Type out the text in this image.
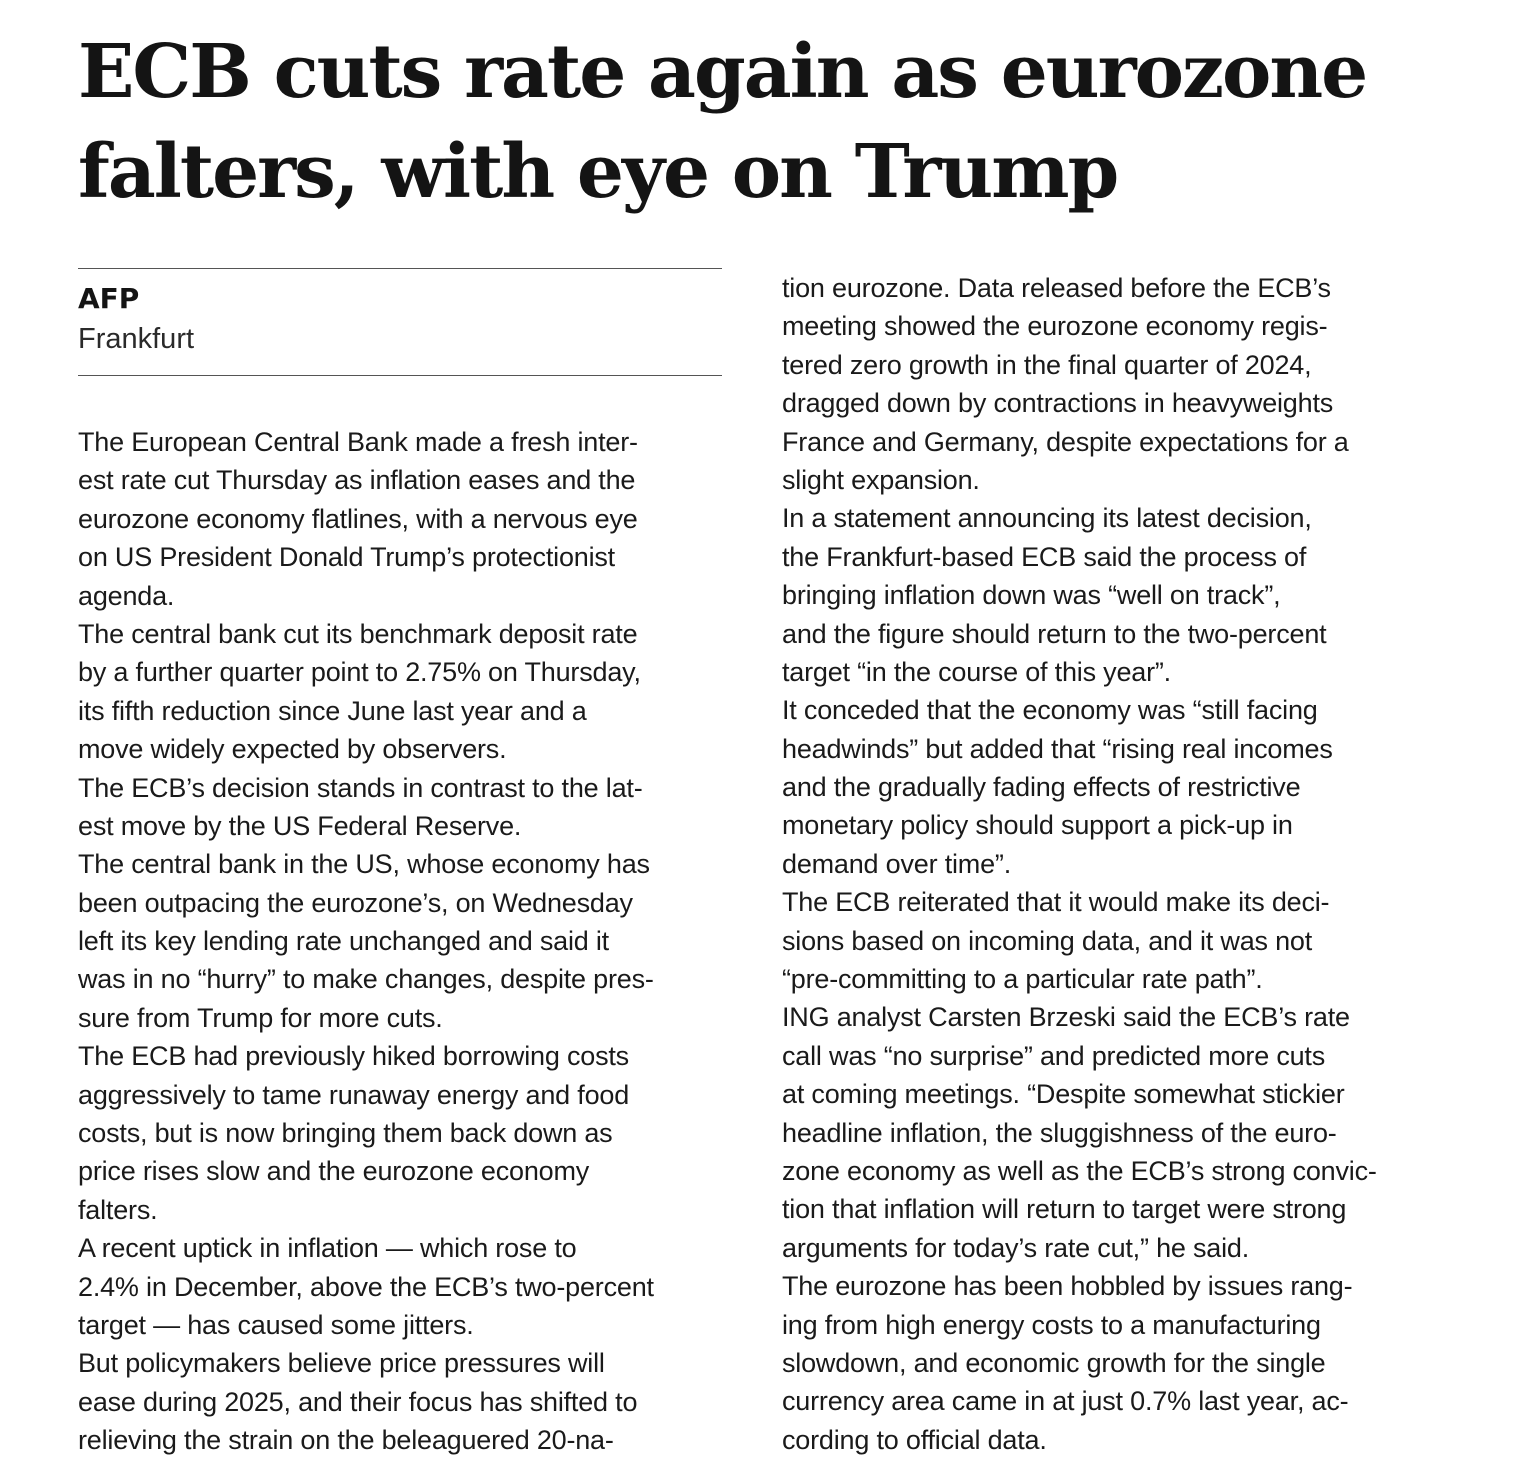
ECB cuts rate again as eurozone
falters, with eye on Trump
AFP
Frankfurt
The European Central Bank made a fresh inter-
est rate cut Thursday as inflation eases and the
eurozone economy flatlines, with a nervous eye
on US President Donald Trump’s protectionist
agenda.
The central bank cut its benchmark deposit rate
by a further quarter point to 2.75% on Thursday,
its fifth reduction since June last year and a
move widely expected by observers.
The ECB’s decision stands in contrast to the lat-
est move by the US Federal Reserve.
The central bank in the US, whose economy has
been outpacing the eurozone’s, on Wednesday
left its key lending rate unchanged and said it
was in no “hurry” to make changes, despite pres-
sure from Trump for more cuts.
The ECB had previously hiked borrowing costs
aggressively to tame runaway energy and food
costs, but is now bringing them back down as
price rises slow and the eurozone economy
falters.
A recent uptick in inflation — which rose to
2.4% in December, above the ECB’s two-percent
target — has caused some jitters.
But policymakers believe price pressures will
ease during 2025, and their focus has shifted to
relieving the strain on the beleaguered 20-na-
tion eurozone. Data released before the ECB’s
meeting showed the eurozone economy regis-
tered zero growth in the final quarter of 2024,
dragged down by contractions in heavyweights
France and Germany, despite expectations for a
slight expansion.
In a statement announcing its latest decision,
the Frankfurt-based ECB said the process of
bringing inflation down was “well on track”,
and the figure should return to the two-percent
target “in the course of this year”.
It conceded that the economy was “still facing
headwinds” but added that “rising real incomes
and the gradually fading effects of restrictive
monetary policy should support a pick-up in
demand over time”.
The ECB reiterated that it would make its deci-
sions based on incoming data, and it was not
“pre-committing to a particular rate path”.
ING analyst Carsten Brzeski said the ECB’s rate
call was “no surprise” and predicted more cuts
at coming meetings. “Despite somewhat stickier
headline inflation, the sluggishness of the euro-
zone economy as well as the ECB’s strong convic-
tion that inflation will return to target were strong
arguments for today’s rate cut,” he said.
The eurozone has been hobbled by issues rang-
ing from high energy costs to a manufacturing
slowdown, and economic growth for the single
currency area came in at just 0.7% last year, ac-
cording to official data.
